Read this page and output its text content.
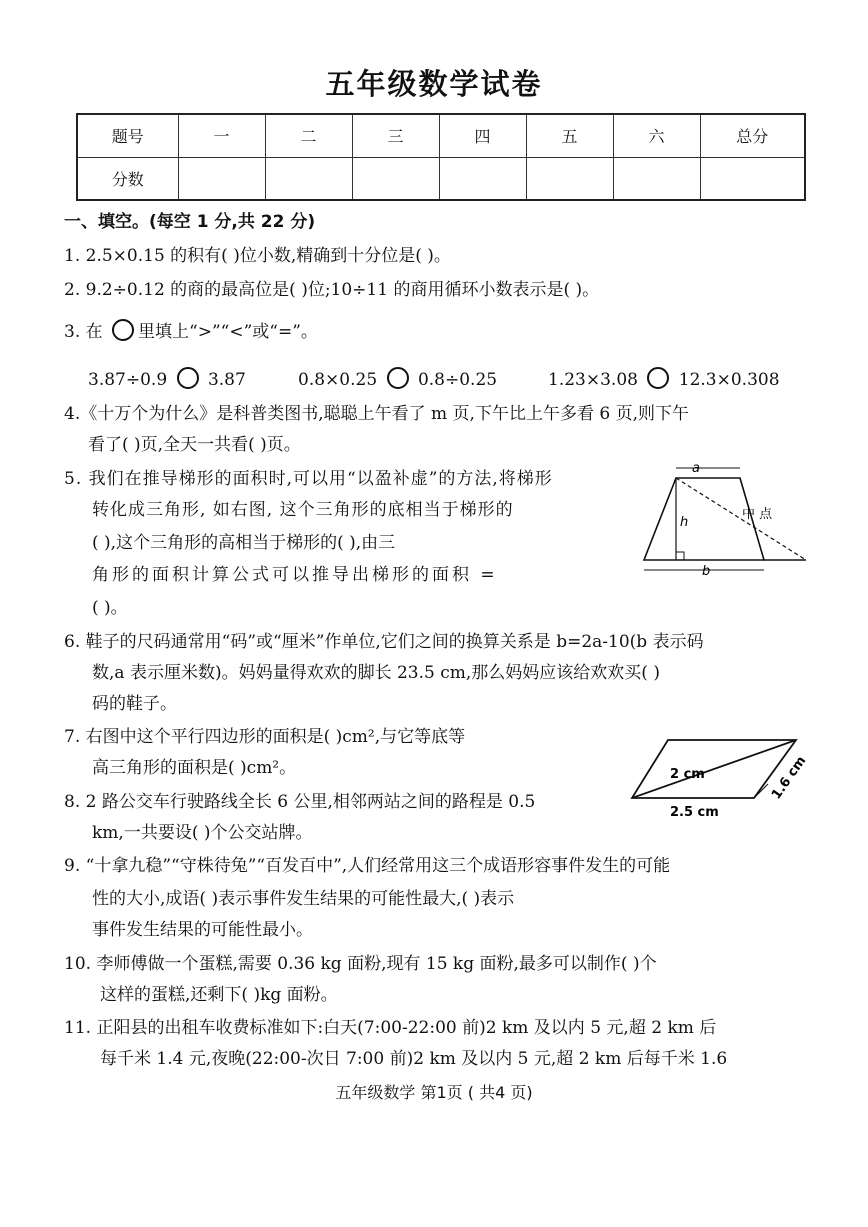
五年级数学试卷
题号	一	二	三	四	五	六	总分
分数							
一、填空。(每空 1 分,共 22 分)
1. 2.5×0.15 的积有( )位小数,精确到十分位是( )。
2. 9.2÷0.12 的商的最高位是( )位;10÷11 的商用循环小数表示是( )。
3. 在 里填上“>”“<”或“=”。
3.87÷0.9 3.87	0.8×0.25 0.8÷0.25	1.23×3.08 12.3×0.308
4.《十万个为什么》是科普类图书,聪聪上午看了 m 页,下午比上午多看 6 页,则下午
看了( )页,全天一共看( )页。
5. 我们在推导梯形的面积时,可以用“以盈补虚”的方法,将梯形
转化成三角形, 如右图, 这个三角形的底相当于梯形的
( ),这个三角形的高相当于梯形的( ),由三
角形的面积计算公式可以推导出梯形的面积 =
( )。
a
h
b
中 点
6. 鞋子的尺码通常用“码”或“厘米”作单位,它们之间的换算关系是 b=2a-10(b 表示码
数,a 表示厘米数)。妈妈量得欢欢的脚长 23.5 cm,那么妈妈应该给欢欢买( )
码的鞋子。
7. 右图中这个平行四边形的面积是( )cm²,与它等底等
高三角形的面积是( )cm²。	2 cm	1.6 cm
2.5 cm
8. 2 路公交车行驶路线全长 6 公里,相邻两站之间的路程是 0.5
km,一共要设( )个公交站牌。
9. “十拿九稳”“守株待兔”“百发百中”,人们经常用这三个成语形容事件发生的可能
性的大小,成语( )表示事件发生结果的可能性最大,( )表示
事件发生结果的可能性最小。
10. 李师傅做一个蛋糕,需要 0.36 kg 面粉,现有 15 kg 面粉,最多可以制作( )个
这样的蛋糕,还剩下( )kg 面粉。
11. 正阳县的出租车收费标准如下:白天(7:00-22:00 前)2 km 及以内 5 元,超 2 km 后
每千米 1.4 元,夜晚(22:00-次日 7:00 前)2 km 及以内 5 元,超 2 km 后每千米 1.6
五年级数学 第1页 ( 共4 页)
